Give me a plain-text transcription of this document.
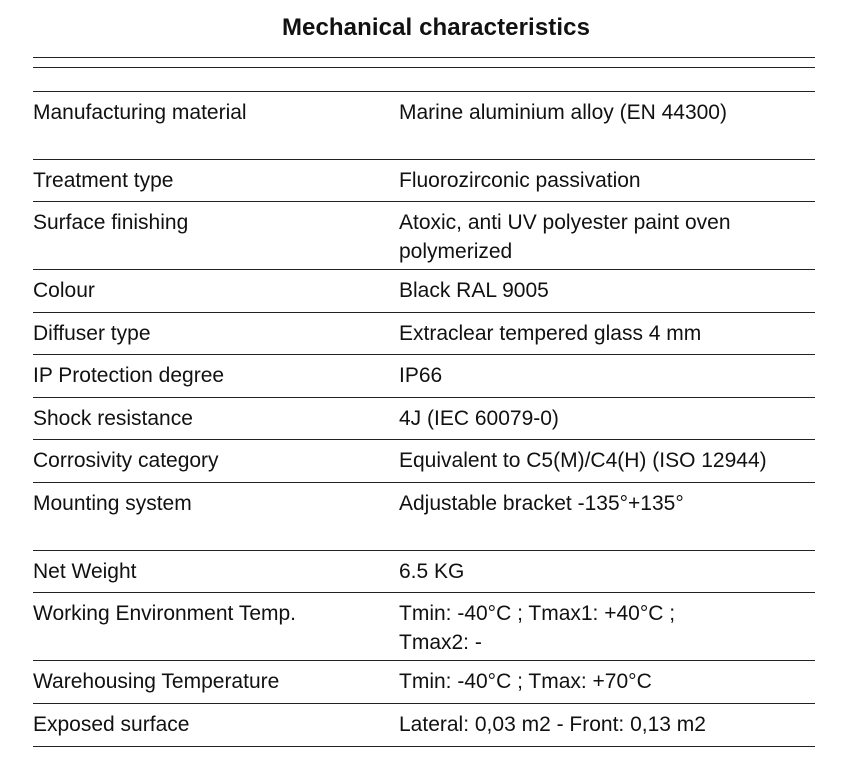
Mechanical characteristics
Manufacturing material	Marine aluminium alloy (EN 44300)
Treatment type	Fluorozirconic passivation
Surface finishing	Atoxic, anti UV polyester paint oven
polymerized
Colour	Black RAL 9005
Diffuser type	Extraclear tempered glass 4 mm
IP Protection degree	IP66
Shock resistance	4J (IEC 60079-0)
Corrosivity category	Equivalent to C5(M)/C4(H) (ISO 12944)
Mounting system	Adjustable bracket -135°+135°
Net Weight	6.5 KG
Working Environment Temp.	Tmin: -40°C ; Tmax1: +40°C ;
Tmax2: -
Warehousing Temperature	Tmin: -40°C ; Tmax: +70°C
Exposed surface	Lateral: 0,03 m2 - Front: 0,13 m2
